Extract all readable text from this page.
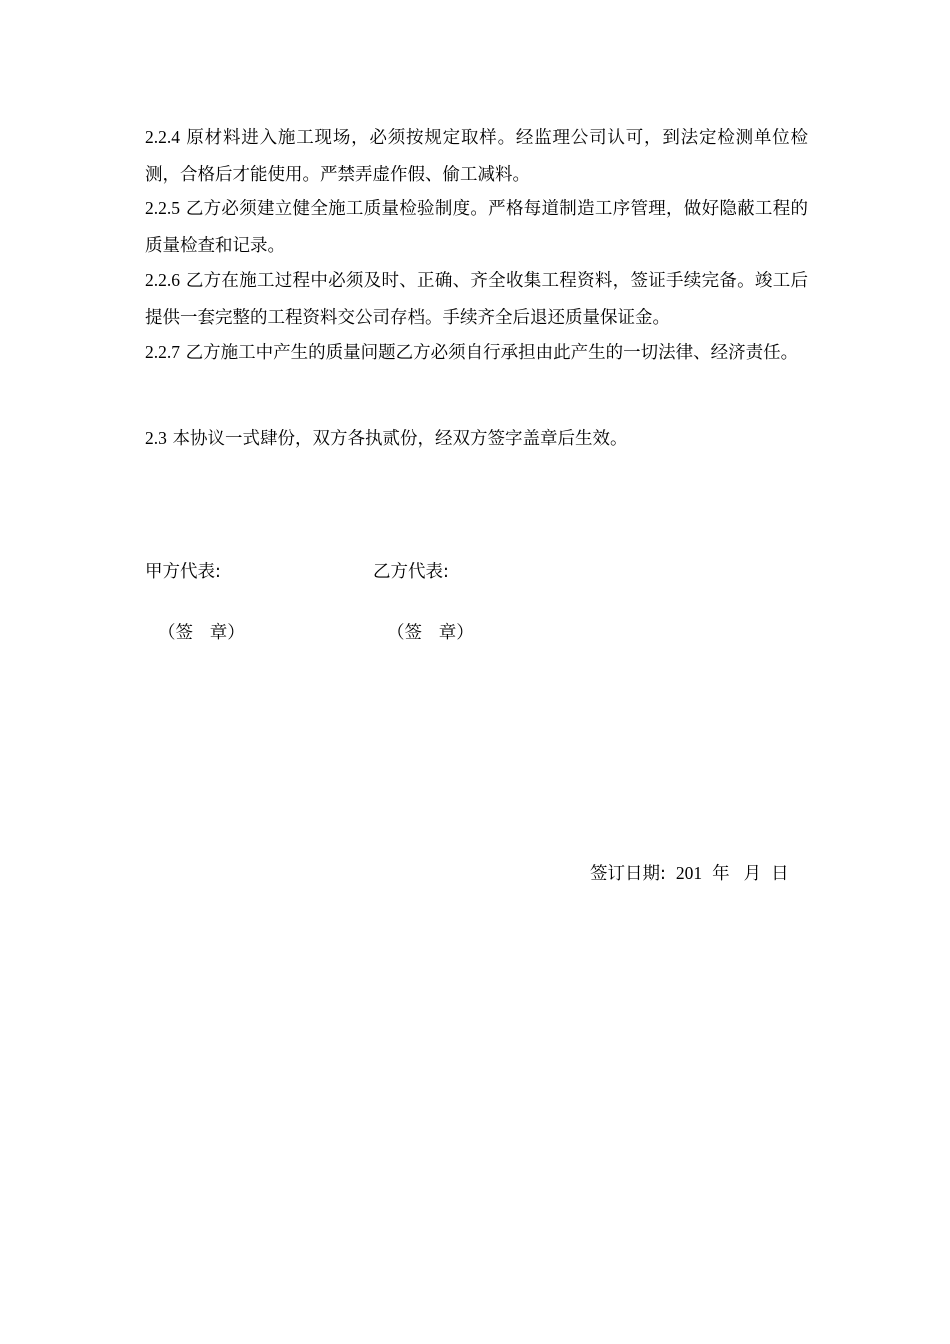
2.2.4 原材料进入施工现场，必须按规定取样。经监理公司认可，到法定检测单位检测，合格后才能使用。严禁弄虚作假、偷工减料。

2.2.5 乙方必须建立健全施工质量检验制度。严格每道制造工序管理，做好隐蔽工程的质量检查和记录。

2.2.6 乙方在施工过程中必须及时、正确、齐全收集工程资料，签证手续完备。竣工后提供一套完整的工程资料交公司存档。手续齐全后退还质量保证金。

2.2.7 乙方施工中产生的质量问题乙方必须自行承担由此产生的一切法律、经济责任。

2.3 本协议一式肆份，双方各执贰份，经双方签字盖章后生效。

甲方代表:	乙方代表:

（签   章）	（签   章）

签订日期: 201 年 月 日
